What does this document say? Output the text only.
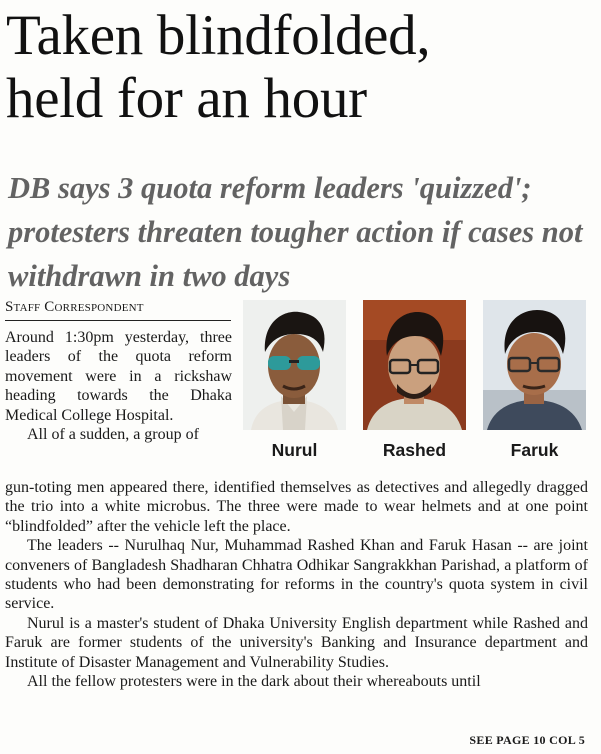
Taken blindfolded,
held for an hour

DB says 3 quota reform leaders 'quizzed'; protesters threaten tougher action if cases not withdrawn in two days

Staff Correspondent

Around 1:30pm yesterday, three leaders of the quota reform movement were in a rickshaw heading towards the Dhaka Medical College Hospital.

All of a sudden, a group of

Nurul	Rashed	Faruk

gun-toting men appeared there, identified themselves as detectives and allegedly dragged the trio into a white microbus. The three were made to wear helmets and at one point “blindfolded” after the vehicle left the place.

The leaders -- Nurulhaq Nur, Muhammad Rashed Khan and Faruk Hasan -- are joint conveners of Bangladesh Shadharan Chhatra Odhikar Sangrakkhan Parishad, a platform of students who had been demonstrating for reforms in the country's quota system in civil service.

Nurul is a master's student of Dhaka University English department while Rashed and Faruk are former students of the university's Banking and Insurance department and Institute of Disaster Management and Vulnerability Studies.

All the fellow protesters were in the dark about their whereabouts until

SEE PAGE 10 COL 5
